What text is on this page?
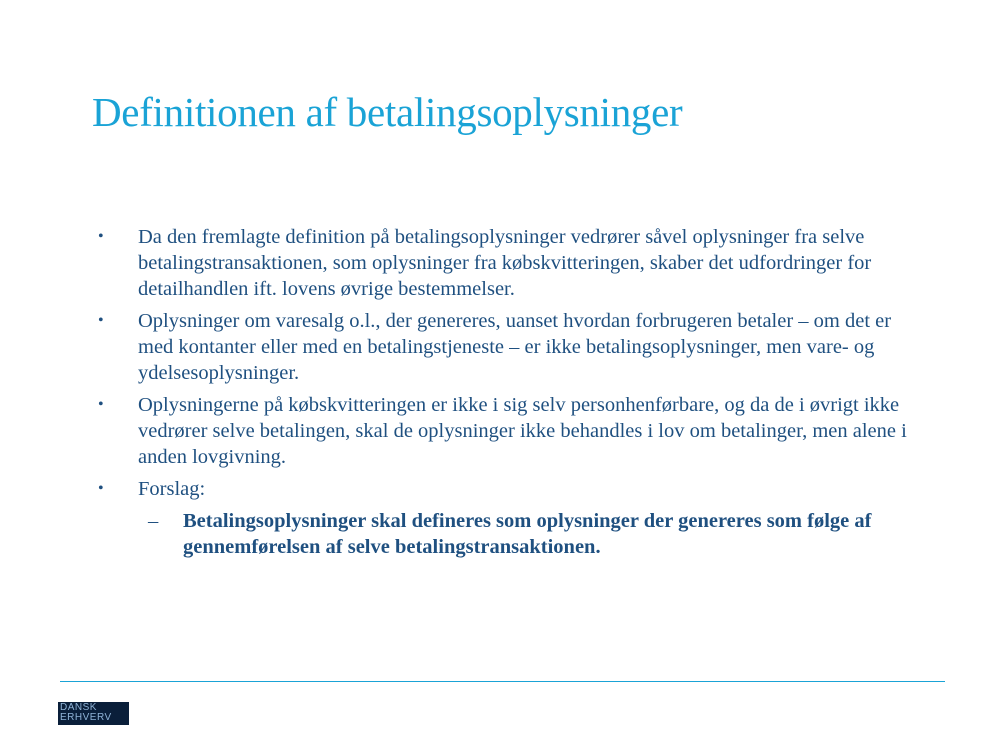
Definitionen af betalingsoplysninger
• Da den fremlagte definition på betalingsoplysninger vedrører såvel oplysninger fra selve betalingstransaktionen, som oplysninger fra købskvitteringen, skaber det udfordringer for detailhandlen ift. lovens øvrige bestemmelser.
• Oplysninger om varesalg o.l., der genereres, uanset hvordan forbrugeren betaler – om det er med kontanter eller med en betalingstjeneste – er ikke betalingsoplysninger, men vare- og ydelsesoplysninger.
• Oplysningerne på købskvitteringen er ikke i sig selv personhenførbare, og da de i øvrigt ikke vedrører selve betalingen, skal de oplysninger ikke behandles i lov om betalinger, men alene i anden lovgivning.
• Forslag:
– Betalingsoplysninger skal defineres som oplysninger der genereres som følge af gennemførelsen af selve betalingstransaktionen.
DANSK
ERHVERV
